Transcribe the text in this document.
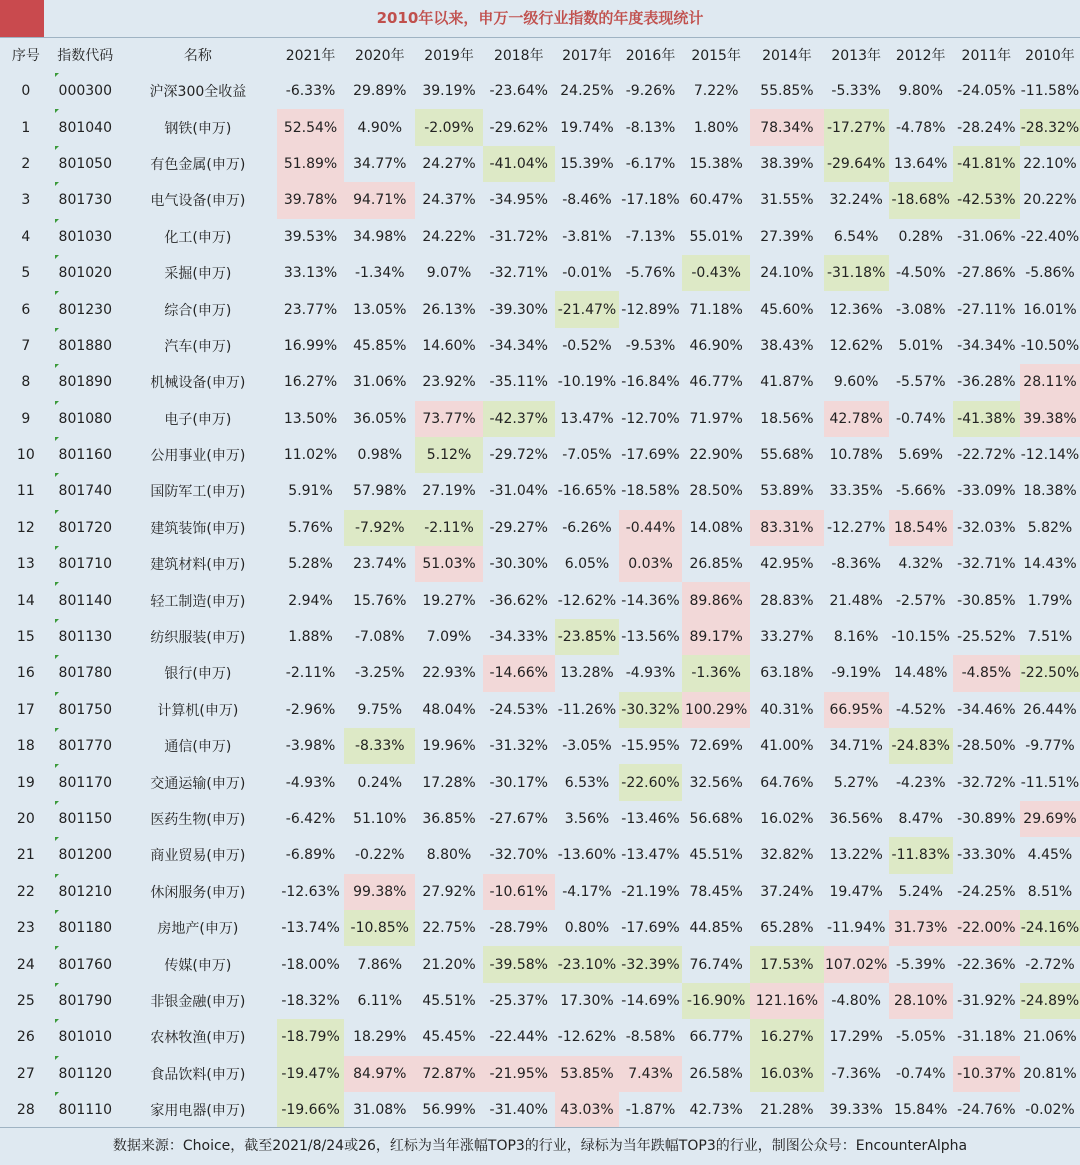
2010年以来，申万一级行业指数的年度表现统计
序号	指数代码	名称	2021年	2020年	2019年	2018年	2017年	2016年	2015年	2014年	2013年	2012年	2011年	2010年
0	000300	沪深300全收益	-6.33%	29.89%	39.19%	-23.64%	24.25%	-9.26%	7.22%	55.85%	-5.33%	9.80%	-24.05%	-11.58%
1	801040	钢铁(申万)	52.54%	4.90%	-2.09%	-29.62%	19.74%	-8.13%	1.80%	78.34%	-17.27%	-4.78%	-28.24%	-28.32%
2	801050	有色金属(申万)	51.89%	34.77%	24.27%	-41.04%	15.39%	-6.17%	15.38%	38.39%	-29.64%	13.64%	-41.81%	22.10%
3	801730	电气设备(申万)	39.78%	94.71%	24.37%	-34.95%	-8.46%	-17.18%	60.47%	31.55%	32.24%	-18.68%	-42.53%	20.22%
4	801030	化工(申万)	39.53%	34.98%	24.22%	-31.72%	-3.81%	-7.13%	55.01%	27.39%	6.54%	0.28%	-31.06%	-22.40%
5	801020	采掘(申万)	33.13%	-1.34%	9.07%	-32.71%	-0.01%	-5.76%	-0.43%	24.10%	-31.18%	-4.50%	-27.86%	-5.86%
6	801230	综合(申万)	23.77%	13.05%	26.13%	-39.30%	-21.47%	-12.89%	71.18%	45.60%	12.36%	-3.08%	-27.11%	16.01%
7	801880	汽车(申万)	16.99%	45.85%	14.60%	-34.34%	-0.52%	-9.53%	46.90%	38.43%	12.62%	5.01%	-34.34%	-10.50%
8	801890	机械设备(申万)	16.27%	31.06%	23.92%	-35.11%	-10.19%	-16.84%	46.77%	41.87%	9.60%	-5.57%	-36.28%	28.11%
9	801080	电子(申万)	13.50%	36.05%	73.77%	-42.37%	13.47%	-12.70%	71.97%	18.56%	42.78%	-0.74%	-41.38%	39.38%
10	801160	公用事业(申万)	11.02%	0.98%	5.12%	-29.72%	-7.05%	-17.69%	22.90%	55.68%	10.78%	5.69%	-22.72%	-12.14%
11	801740	国防军工(申万)	5.91%	57.98%	27.19%	-31.04%	-16.65%	-18.58%	28.50%	53.89%	33.35%	-5.66%	-33.09%	18.38%
12	801720	建筑装饰(申万)	5.76%	-7.92%	-2.11%	-29.27%	-6.26%	-0.44%	14.08%	83.31%	-12.27%	18.54%	-32.03%	5.82%
13	801710	建筑材料(申万)	5.28%	23.74%	51.03%	-30.30%	6.05%	0.03%	26.85%	42.95%	-8.36%	4.32%	-32.71%	14.43%
14	801140	轻工制造(申万)	2.94%	15.76%	19.27%	-36.62%	-12.62%	-14.36%	89.86%	28.83%	21.48%	-2.57%	-30.85%	1.79%
15	801130	纺织服装(申万)	1.88%	-7.08%	7.09%	-34.33%	-23.85%	-13.56%	89.17%	33.27%	8.16%	-10.15%	-25.52%	7.51%
16	801780	银行(申万)	-2.11%	-3.25%	22.93%	-14.66%	13.28%	-4.93%	-1.36%	63.18%	-9.19%	14.48%	-4.85%	-22.50%
17	801750	计算机(申万)	-2.96%	9.75%	48.04%	-24.53%	-11.26%	-30.32%	100.29%	40.31%	66.95%	-4.52%	-34.46%	26.44%
18	801770	通信(申万)	-3.98%	-8.33%	19.96%	-31.32%	-3.05%	-15.95%	72.69%	41.00%	34.71%	-24.83%	-28.50%	-9.77%
19	801170	交通运输(申万)	-4.93%	0.24%	17.28%	-30.17%	6.53%	-22.60%	32.56%	64.76%	5.27%	-4.23%	-32.72%	-11.51%
20	801150	医药生物(申万)	-6.42%	51.10%	36.85%	-27.67%	3.56%	-13.46%	56.68%	16.02%	36.56%	8.47%	-30.89%	29.69%
21	801200	商业贸易(申万)	-6.89%	-0.22%	8.80%	-32.70%	-13.60%	-13.47%	45.51%	32.82%	13.22%	-11.83%	-33.30%	4.45%
22	801210	休闲服务(申万)	-12.63%	99.38%	27.92%	-10.61%	-4.17%	-21.19%	78.45%	37.24%	19.47%	5.24%	-24.25%	8.51%
23	801180	房地产(申万)	-13.74%	-10.85%	22.75%	-28.79%	0.80%	-17.69%	44.85%	65.28%	-11.94%	31.73%	-22.00%	-24.16%
24	801760	传媒(申万)	-18.00%	7.86%	21.20%	-39.58%	-23.10%	-32.39%	76.74%	17.53%	107.02%	-5.39%	-22.36%	-2.72%
25	801790	非银金融(申万)	-18.32%	6.11%	45.51%	-25.37%	17.30%	-14.69%	-16.90%	121.16%	-4.80%	28.10%	-31.92%	-24.89%
26	801010	农林牧渔(申万)	-18.79%	18.29%	45.45%	-22.44%	-12.62%	-8.58%	66.77%	16.27%	17.29%	-5.05%	-31.18%	21.06%
27	801120	食品饮料(申万)	-19.47%	84.97%	72.87%	-21.95%	53.85%	7.43%	26.58%	16.03%	-7.36%	-0.74%	-10.37%	20.81%
28	801110	家用电器(申万)	-19.66%	31.08%	56.99%	-31.40%	43.03%	-1.87%	42.73%	21.28%	39.33%	15.84%	-24.76%	-0.02%
数据来源：Choice，截至2021/8/24或26，红标为当年涨幅TOP3的行业，绿标为当年跌幅TOP3的行业，制图公众号：EncounterAlpha
